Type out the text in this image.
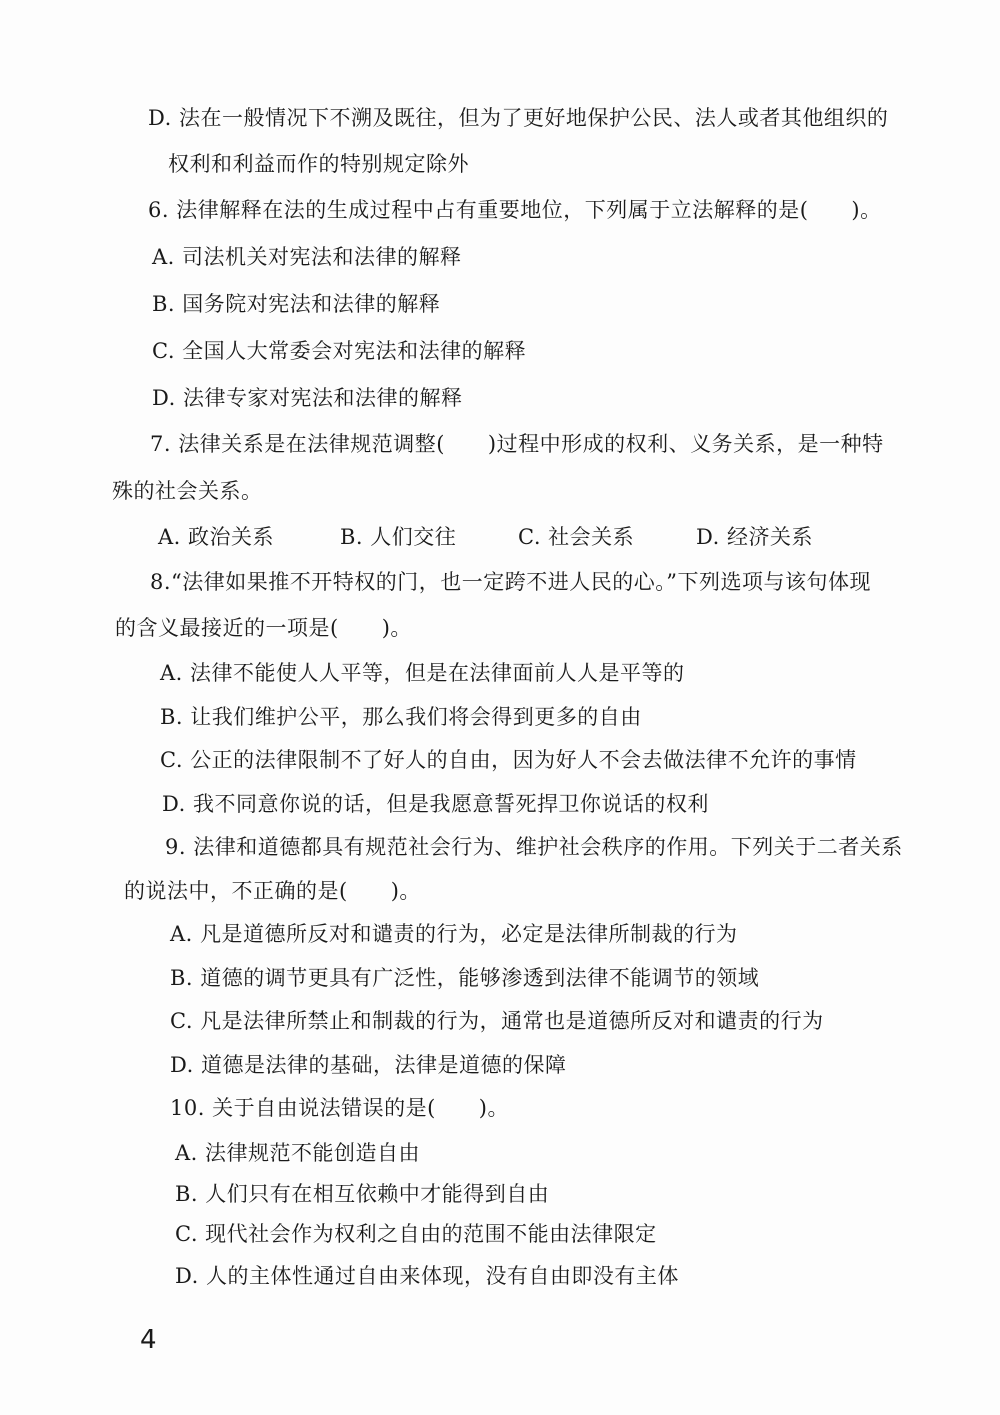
D. 法在一般情况下不溯及既往，但为了更好地保护公民、法人或者其他组织的
权利和利益而作的特别规定除外
6. 法律解释在法的生成过程中占有重要地位，下列属于立法解释的是(　　)。
A. 司法机关对宪法和法律的解释
B. 国务院对宪法和法律的解释
C. 全国人大常委会对宪法和法律的解释
D. 法律专家对宪法和法律的解释
7. 法律关系是在法律规范调整(　　)过程中形成的权利、义务关系，是一种特
殊的社会关系。
A. 政治关系	B. 人们交往	C. 社会关系	D. 经济关系
8.“法律如果推不开特权的门，也一定跨不进人民的心。”下列选项与该句体现
的含义最接近的一项是(　　)。
A. 法律不能使人人平等，但是在法律面前人人是平等的
B. 让我们维护公平，那么我们将会得到更多的自由
C. 公正的法律限制不了好人的自由，因为好人不会去做法律不允许的事情
D. 我不同意你说的话，但是我愿意誓死捍卫你说话的权利
9. 法律和道德都具有规范社会行为、维护社会秩序的作用。下列关于二者关系
的说法中，不正确的是(　　)。
A. 凡是道德所反对和谴责的行为，必定是法律所制裁的行为
B. 道德的调节更具有广泛性，能够渗透到法律不能调节的领域
C. 凡是法律所禁止和制裁的行为，通常也是道德所反对和谴责的行为
D. 道德是法律的基础，法律是道德的保障
10. 关于自由说法错误的是(　　)。
A. 法律规范不能创造自由
B. 人们只有在相互依赖中才能得到自由
C. 现代社会作为权利之自由的范围不能由法律限定
D. 人的主体性通过自由来体现，没有自由即没有主体
4
